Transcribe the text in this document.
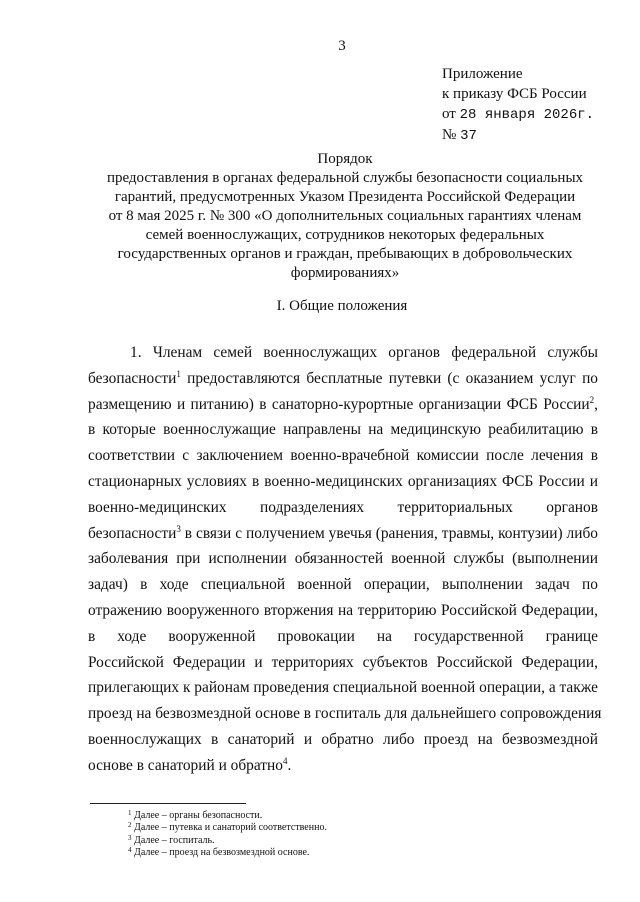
3
Приложение
к приказу ФСБ России
от 28 января 2026г.
№ 37
Порядок
предоставления в органах федеральной службы безопасности социальных
гарантий, предусмотренных Указом Президента Российской Федерации
от 8 мая 2025 г. № 300 «О дополнительных социальных гарантиях членам
семей военнослужащих, сотрудников некоторых федеральных
государственных органов и граждан, пребывающих в добровольческих
формированиях»
I. Общие положения
1. Членам семей военнослужащих органов федеральной службы
безопасности$^1$ предоставляются бесплатные путевки (с оказанием услуг по
размещению и питанию) в санаторно-курортные организации ФСБ России$^2$,
в которые военнослужащие направлены на медицинскую реабилитацию в
соответствии с заключением военно-врачебной комиссии после лечения в
стационарных условиях в военно-медицинских организациях ФСБ России и
военно-медицинских подразделениях территориальных органов
безопасности$^3$ в связи с получением увечья (ранения, травмы, контузии) либо
заболевания при исполнении обязанностей военной службы (выполнении
задач) в ходе специальной военной операции, выполнении задач по
отражению вооруженного вторжения на территорию Российской Федерации,
в ходе вооруженной провокации на государственной границе
Российской Федерации и территориях субъектов Российской Федерации,
прилегающих к районам проведения специальной военной операции, а также
проезд на безвозмездной основе в госпиталь для дальнейшего сопровождения
военнослужащих в санаторий и обратно либо проезд на безвозмездной
основе в санаторий и обратно$^4$.
$^1$ Далее – органы безопасности.
$^2$ Далее – путевка и санаторий соответственно.
$^3$ Далее – госпиталь.
$^4$ Далее – проезд на безвозмездной основе.
